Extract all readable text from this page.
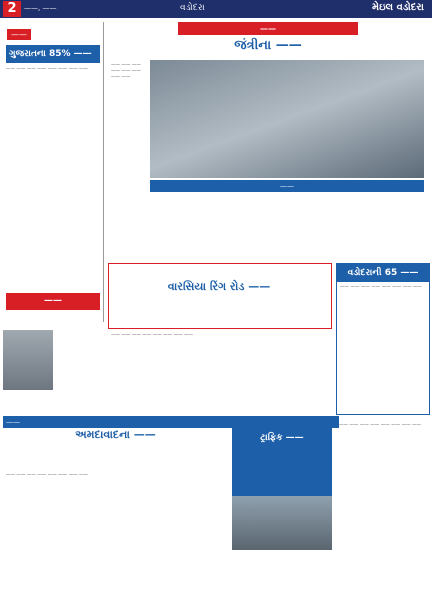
2	——, ——	વડોદરા	મેઇલ વડોદરા
——
ગુજરાતના 85% ——
—— —— —— —— —— —— —— ——
——
——
જંત્રીના ——
—— —— —— —— —— —— —— ——
——
વારસિયા રિંગ રોડ ——
—— —— —— —— —— —— —— ——
વડોદરાની 65 ——
—— —— —— —— —— —— —— ——
—— —— —— —— —— —— —— ——
——
અમદાવાદના ——	ટ્રાફિક ——
—— —— —— —— —— —— —— ——
